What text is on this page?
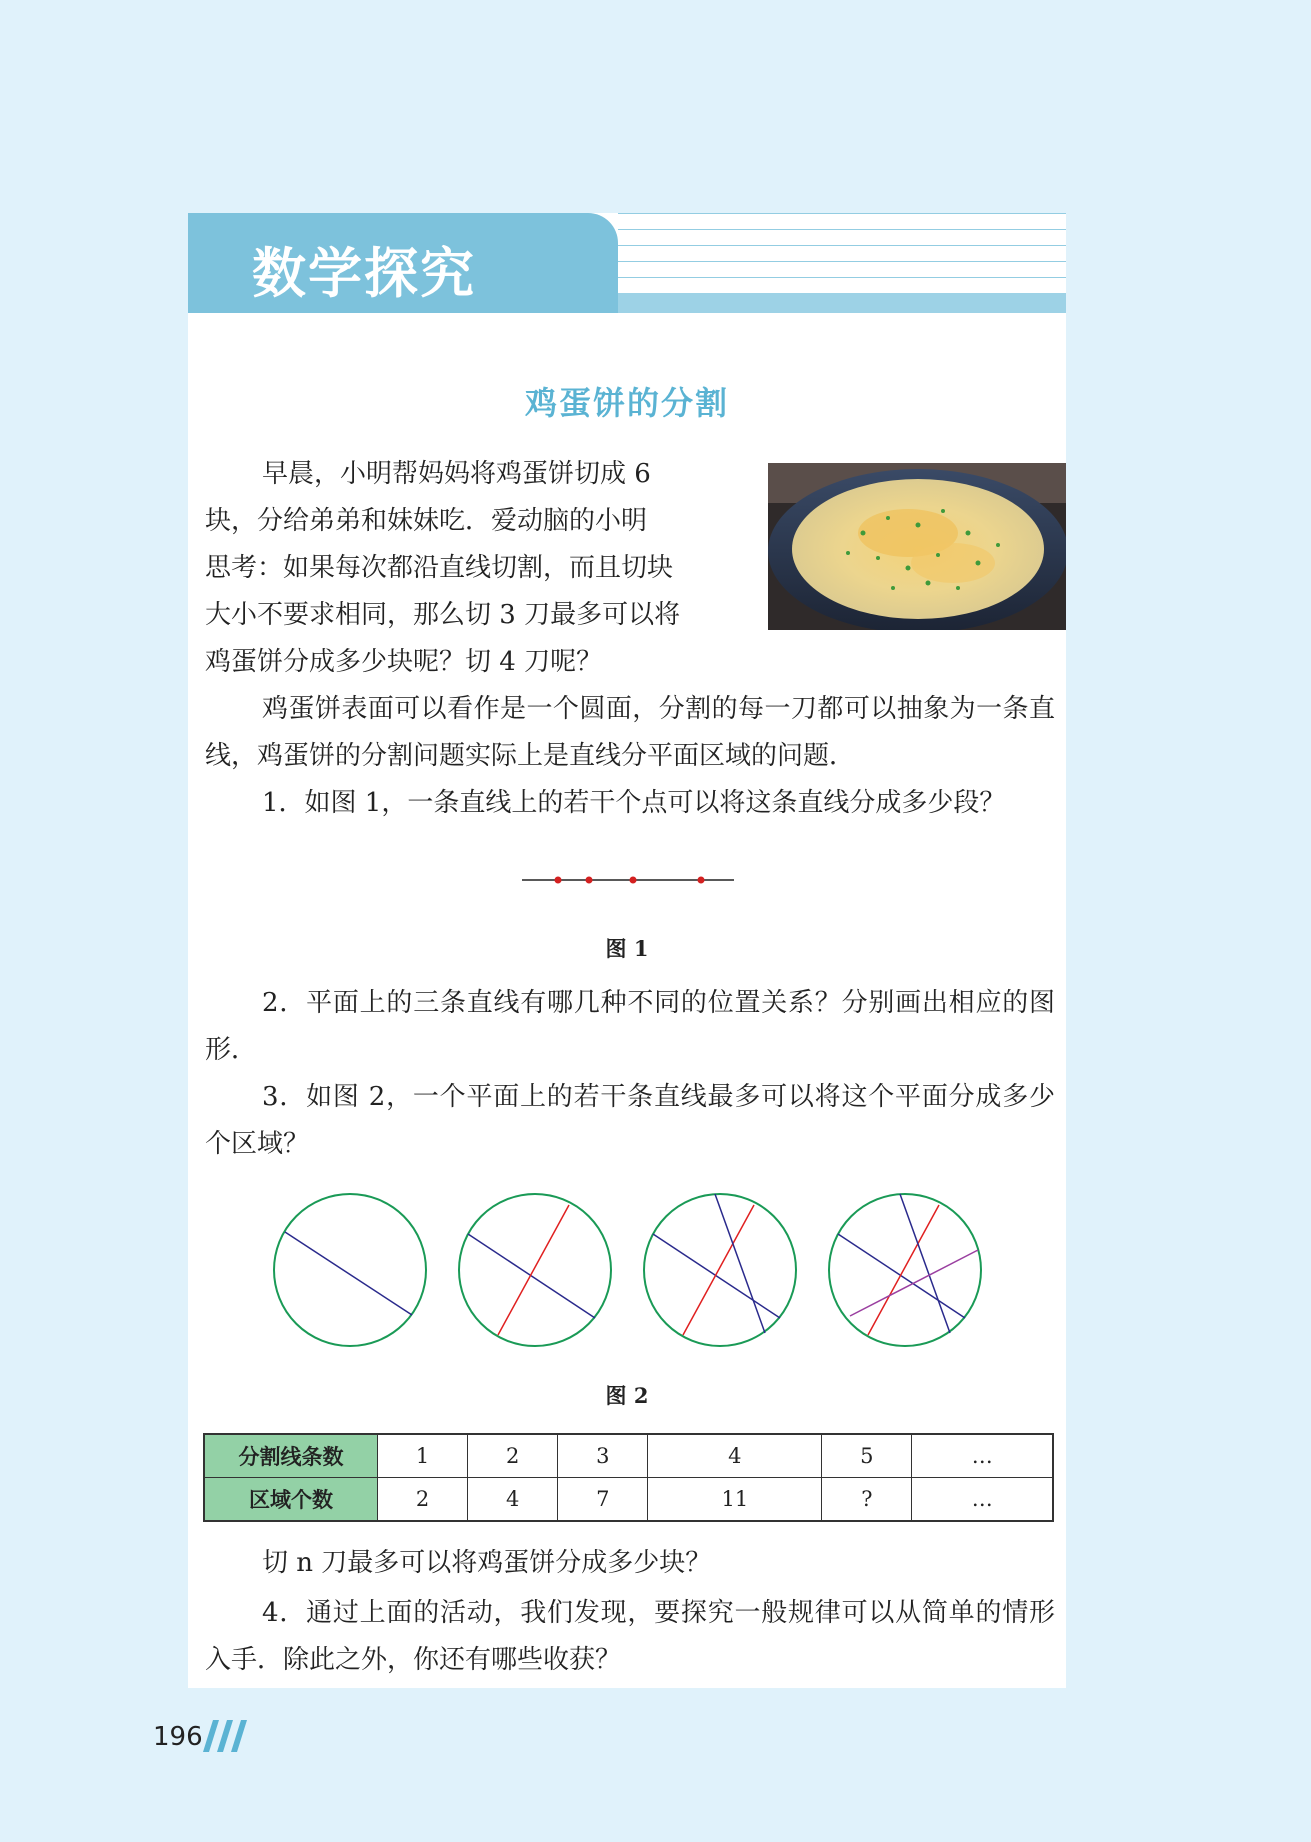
数学探究
鸡蛋饼的分割
早晨，小明帮妈妈将鸡蛋饼切成 6
块，分给弟弟和妹妹吃．爱动脑的小明
思考：如果每次都沿直线切割，而且切块
大小不要求相同，那么切 3 刀最多可以将
鸡蛋饼分成多少块呢？切 4 刀呢？
鸡蛋饼表面可以看作是一个圆面，分割的每一刀都可以抽象为一条直线，鸡蛋饼的分割问题实际上是直线分平面区域的问题．
1．如图 1，一条直线上的若干个点可以将这条直线分成多少段？
图 1
2．平面上的三条直线有哪几种不同的位置关系？分别画出相应的图形．
3．如图 2，一个平面上的若干条直线最多可以将这个平面分成多少个区域？
图 2
分割线条数	1	2	3	4	5	…
区域个数	2	4	7	11	?	…
切 n 刀最多可以将鸡蛋饼分成多少块？
4．通过上面的活动，我们发现，要探究一般规律可以从简单的情形入手．除此之外，你还有哪些收获？
196
